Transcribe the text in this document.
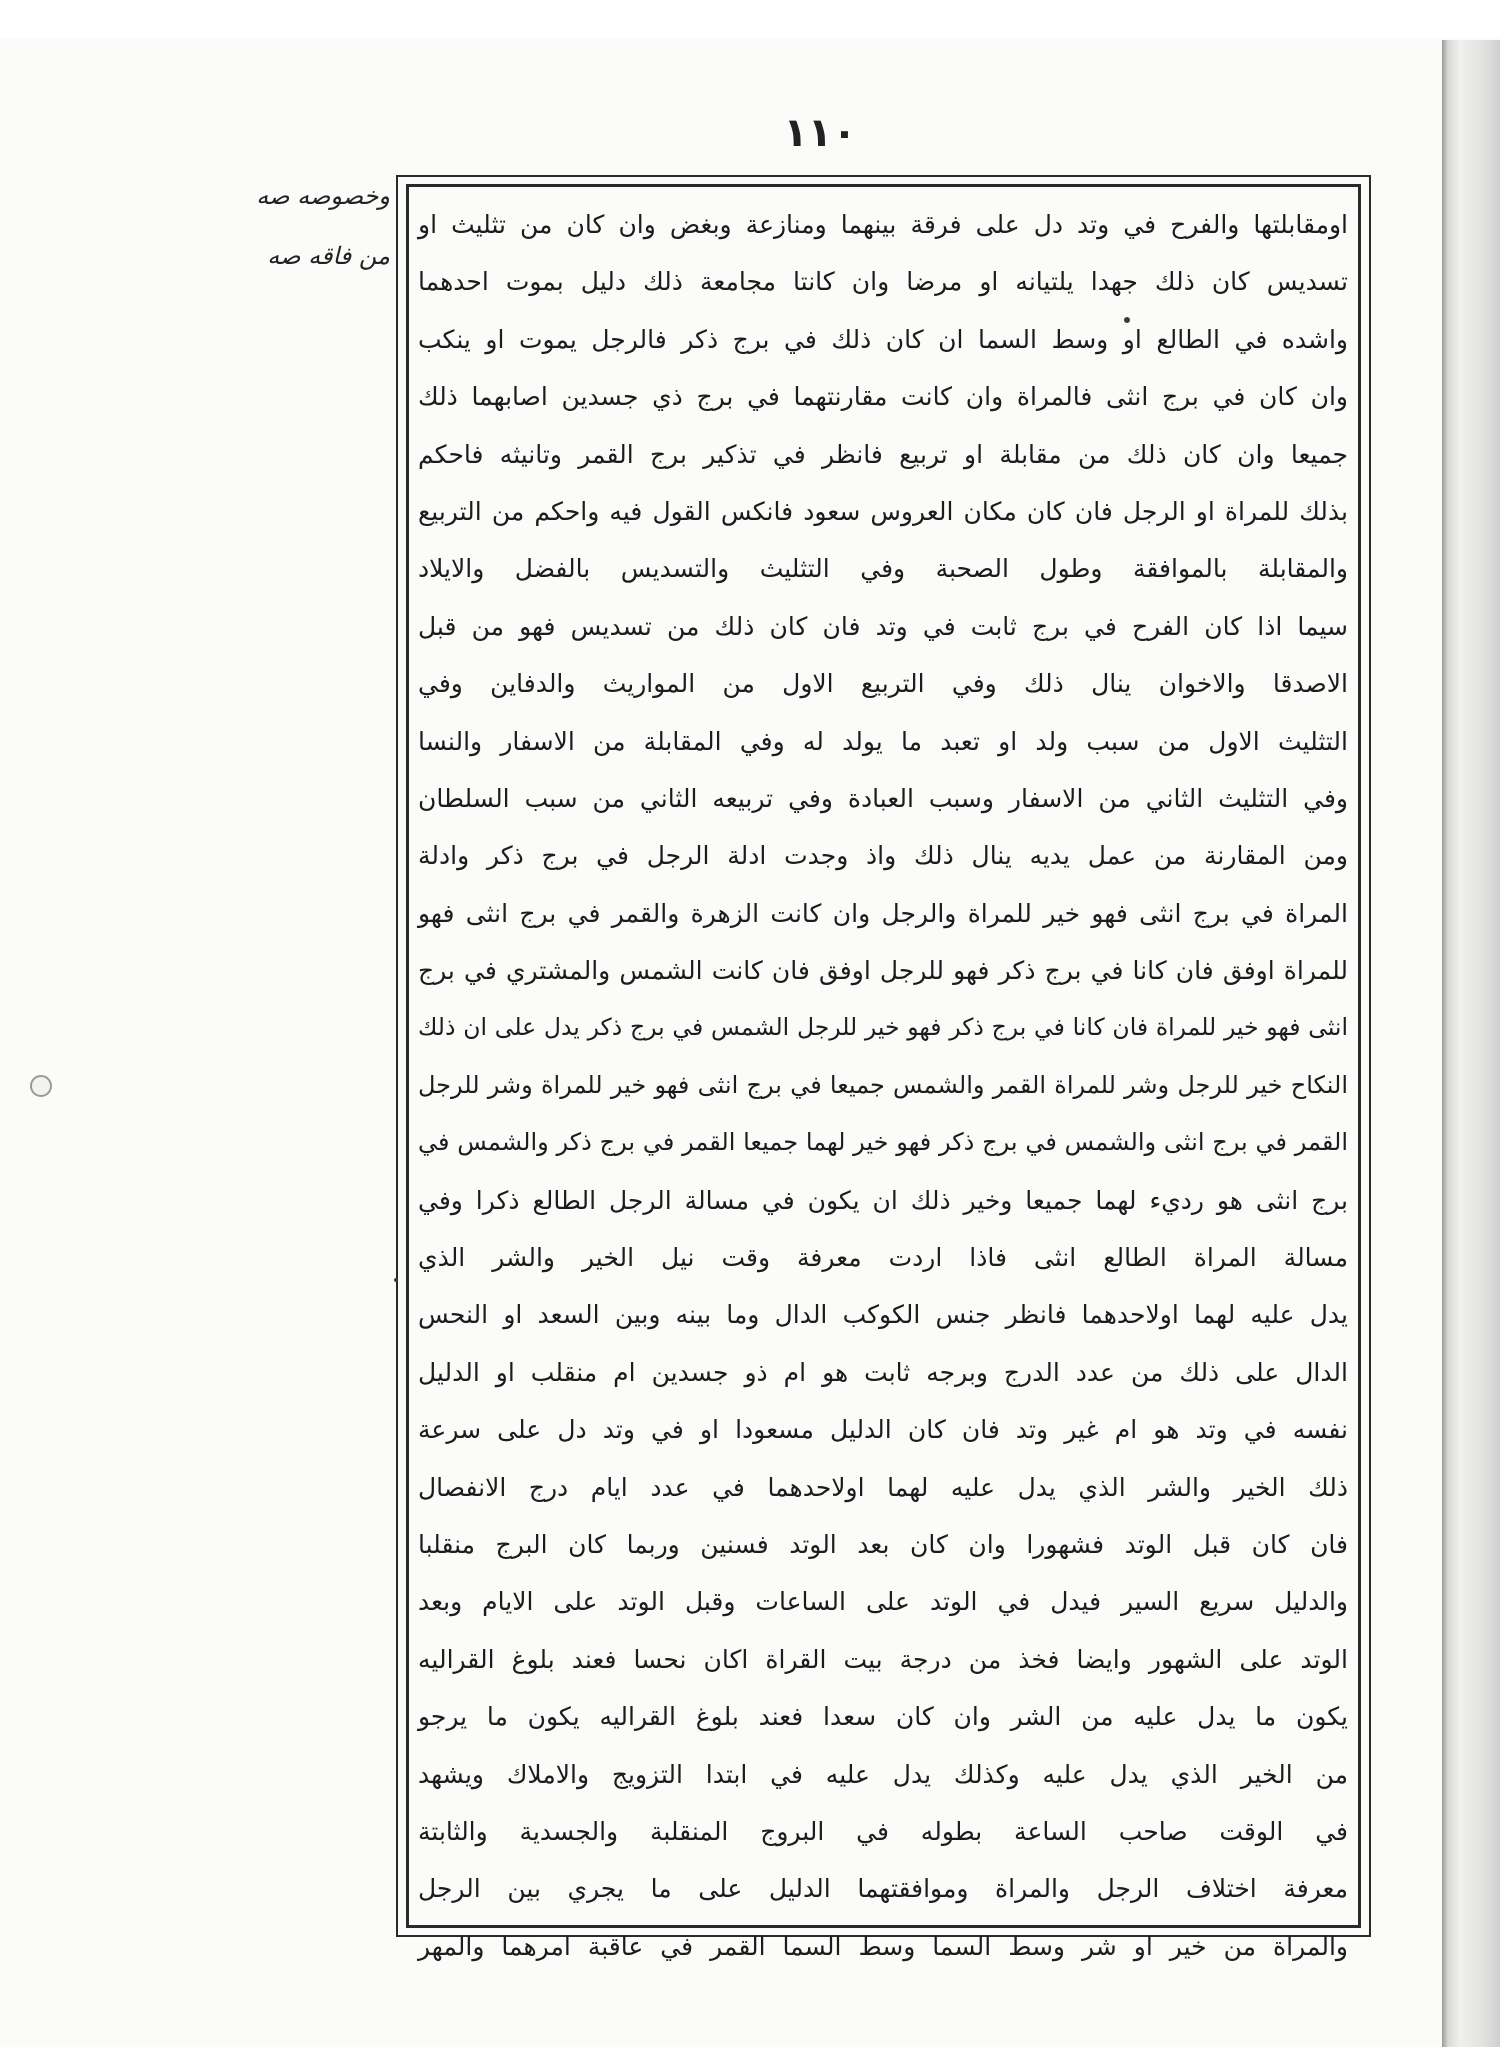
١١٠
وخصوصه صه
من فاقه صه
اومقابلتها والفرح في وتد دل على فرقة بينهما ومنازعة وبغض وان كان من تثليث او
تسديس كان ذلك جهدا يلتيانه او مرضا وان كانتا مجامعة ذلك دليل بموت احدهما
واشده في الطالع او وسط السما ان كان ذلك في برج ذكر فالرجل يموت او ينكب
وان كان في برج انثى فالمراة وان كانت مقارنتهما في برج ذي جسدين اصابهما ذلك
جميعا وان كان ذلك من مقابلة او تربيع فانظر في تذكير برج القمر وتانيثه فاحكم
بذلك للمراة او الرجل فان كان مكان العروس سعود فانكس القول فيه واحكم من التربيع
والمقابلة بالموافقة وطول الصحبة وفي التثليث والتسديس بالفضل والايلاد
سيما اذا كان الفرح في برج ثابت في وتد فان كان ذلك من تسديس فهو من قبل
الاصدقا والاخوان ينال ذلك وفي التربيع الاول من المواريث والدفاين وفي
التثليث الاول من سبب ولد او تعبد ما يولد له وفي المقابلة من الاسفار والنسا
وفي التثليث الثاني من الاسفار وسبب العبادة وفي تربيعه الثاني من سبب السلطان
ومن المقارنة من عمل يديه ينال ذلك واذ وجدت ادلة الرجل في برج ذكر وادلة
المراة في برج انثى فهو خير للمراة والرجل وان كانت الزهرة والقمر في برج انثى فهو
للمراة اوفق فان كانا في برج ذكر فهو للرجل اوفق فان كانت الشمس والمشتري في برج
انثى فهو خير للمراة فان كانا في برج ذكر فهو خير للرجل الشمس في برج ذكر يدل على ان ذلك
النكاح خير للرجل وشر للمراة القمر والشمس جميعا في برج انثى فهو خير للمراة وشر للرجل
القمر في برج انثى والشمس في برج ذكر فهو خير لهما جميعا القمر في برج ذكر والشمس في
برج انثى هو رديء لهما جميعا وخير ذلك ان يكون في مسالة الرجل الطالع ذكرا وفي
مسالة المراة الطالع انثى فاذا اردت معرفة وقت نيل الخير والشر الذي
يدل عليه لهما اولاحدهما فانظر جنس الكوكب الدال وما بينه وبين السعد او النحس
الدال على ذلك من عدد الدرج وبرجه ثابت هو ام ذو جسدين ام منقلب او الدليل
نفسه في وتد هو ام غير وتد فان كان الدليل مسعودا او في وتد دل على سرعة
ذلك الخير والشر الذي يدل عليه لهما اولاحدهما في عدد ايام درج الانفصال
فان كان قبل الوتد فشهورا وان كان بعد الوتد فسنين وربما كان البرج منقلبا
والدليل سريع السير فيدل في الوتد على الساعات وقبل الوتد على الايام وبعد
الوتد على الشهور وايضا فخذ من درجة بيت القراة اكان نحسا فعند بلوغ القراليه
يكون ما يدل عليه من الشر وان كان سعدا فعند بلوغ القراليه يكون ما يرجو
من الخير الذي يدل عليه وكذلك يدل عليه في ابتدا التزويج والاملاك ويشهد
في الوقت صاحب الساعة بطوله في البروج المنقلبة والجسدية والثابتة
معرفة اختلاف الرجل والمراة وموافقتهما الدليل على ما يجري بين الرجل
والمراة من خير او شر وسط السما وسط السما القمر في عاقبة امرهما والمهر
